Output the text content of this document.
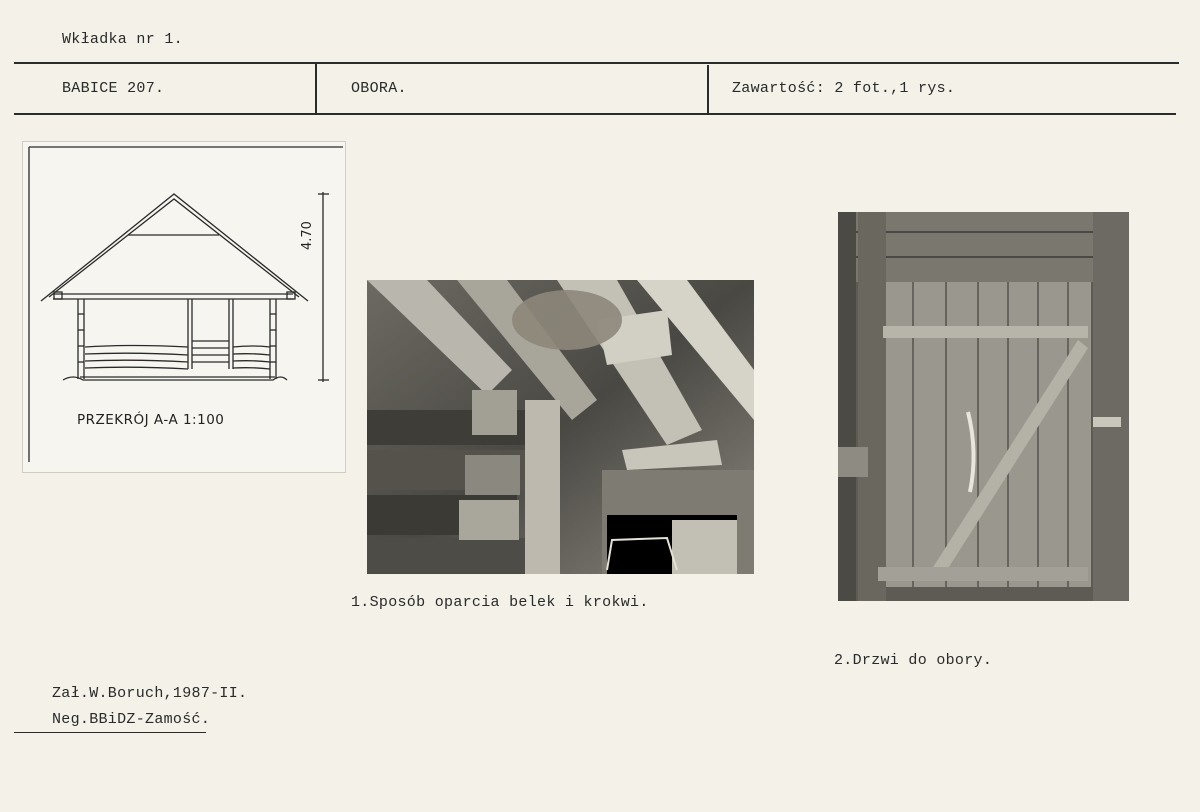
Wkładka nr 1.
BABICE 207.	OBORA.	Zawartość: 2 fot.,1 rys.
4.70
PRZEKRÓJ A-A 1:100
1.Sposób oparcia belek i krokwi.
2.Drzwi do obory.
Zał.W.Boruch,1987-II.
Neg.BBiDZ-Zamość.
